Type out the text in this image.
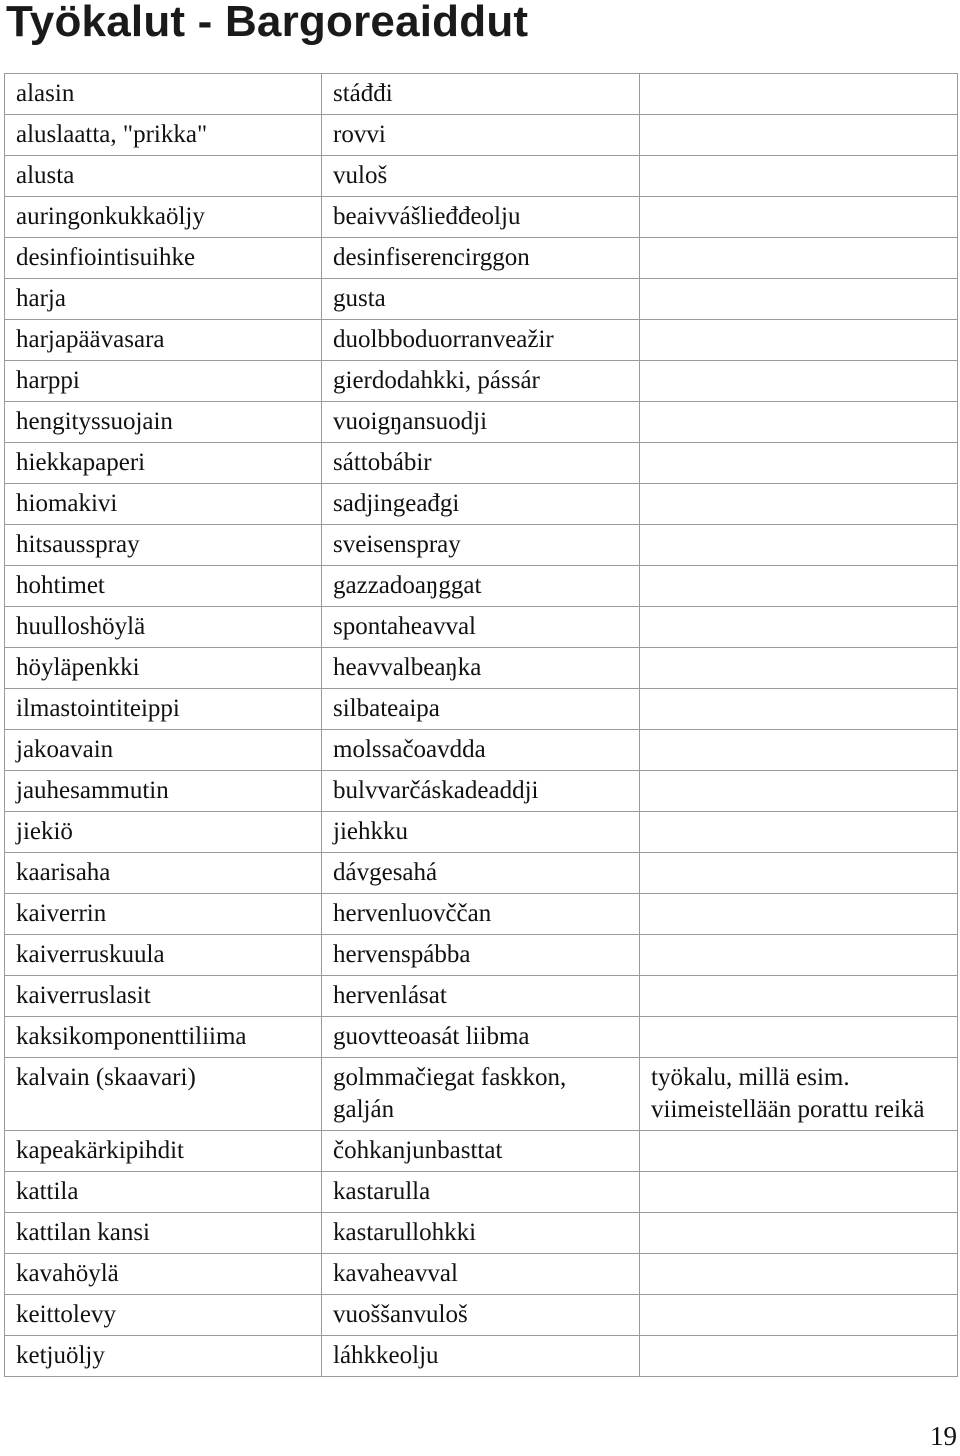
Työkalut - Bargoreaiddut
alasin	stáđđi	
aluslaatta, "prikka"	rovvi	
alusta	vuloš	
auringonkukkaöljy	beaivvášlieđđeolju	
desinfiointisuihke	desinfiserencirggon	
harja	gusta	
harjapäävasara	duolbboduorranveažir	
harppi	gierdodahkki, pássár	
hengityssuojain	vuoigŋansuodji	
hiekkapaperi	sáttobábir	
hiomakivi	sadjingeađgi	
hitsausspray	sveisenspray	
hohtimet	gazzadoaŋggat	
huulloshöylä	spontaheavval	
höyläpenkki	heavvalbeaŋka	
ilmastointiteippi	silbateaipa	
jakoavain	molssačoavdda	
jauhesammutin	bulvvarčáskadeaddji	
jiekiö	jiehkku	
kaarisaha	dávgesahá	
kaiverrin	hervenluovččan	
kaiverruskuula	hervenspábba	
kaiverruslasit	hervenlásat	
kaksikomponenttiliima	guovtteoasát liibma	
kalvain (skaavari)	golmmačiegat faskkon, galján	työkalu, millä esim. viimeistellään porattu reikä
kapeakärkipihdit	čohkanjunbasttat	
kattila	kastarulla	
kattilan kansi	kastarullohkki	
kavahöylä	kavaheavval	
keittolevy	vuoššanvuloš	
ketjuöljy	láhkkeolju	

19
